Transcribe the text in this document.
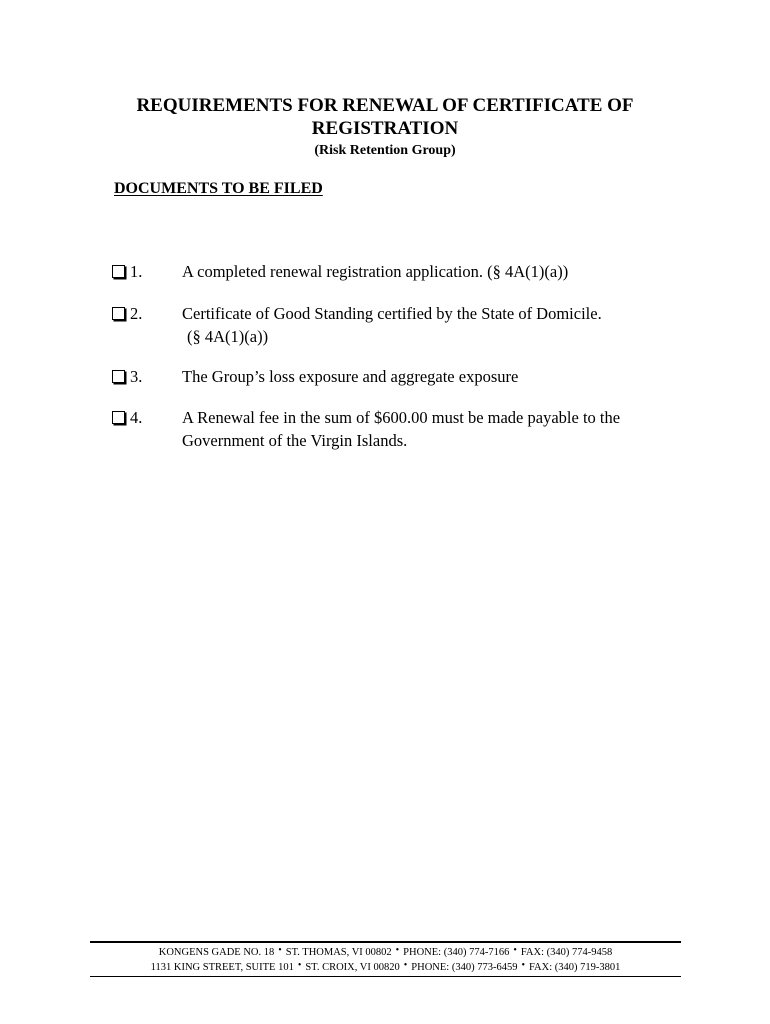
REQUIREMENTS FOR RENEWAL OF CERTIFICATE OF
REGISTRATION
(Risk Retention Group)
DOCUMENTS TO BE FILED
1. A completed renewal registration application. (§ 4A(1)(a))
2. Certificate of Good Standing certified by the State of Domicile.
(§ 4A(1)(a))
3. The Group’s loss exposure and aggregate exposure
4. A Renewal fee in the sum of $600.00 must be made payable to the
Government of the Virgin Islands.
KONGENS GADE NO. 18 • ST. THOMAS, VI 00802 • PHONE: (340) 774-7166 • FAX: (340) 774-9458
1131 KING STREET, SUITE 101 • ST. CROIX, VI 00820 • PHONE: (340) 773-6459 • FAX: (340) 719-3801
